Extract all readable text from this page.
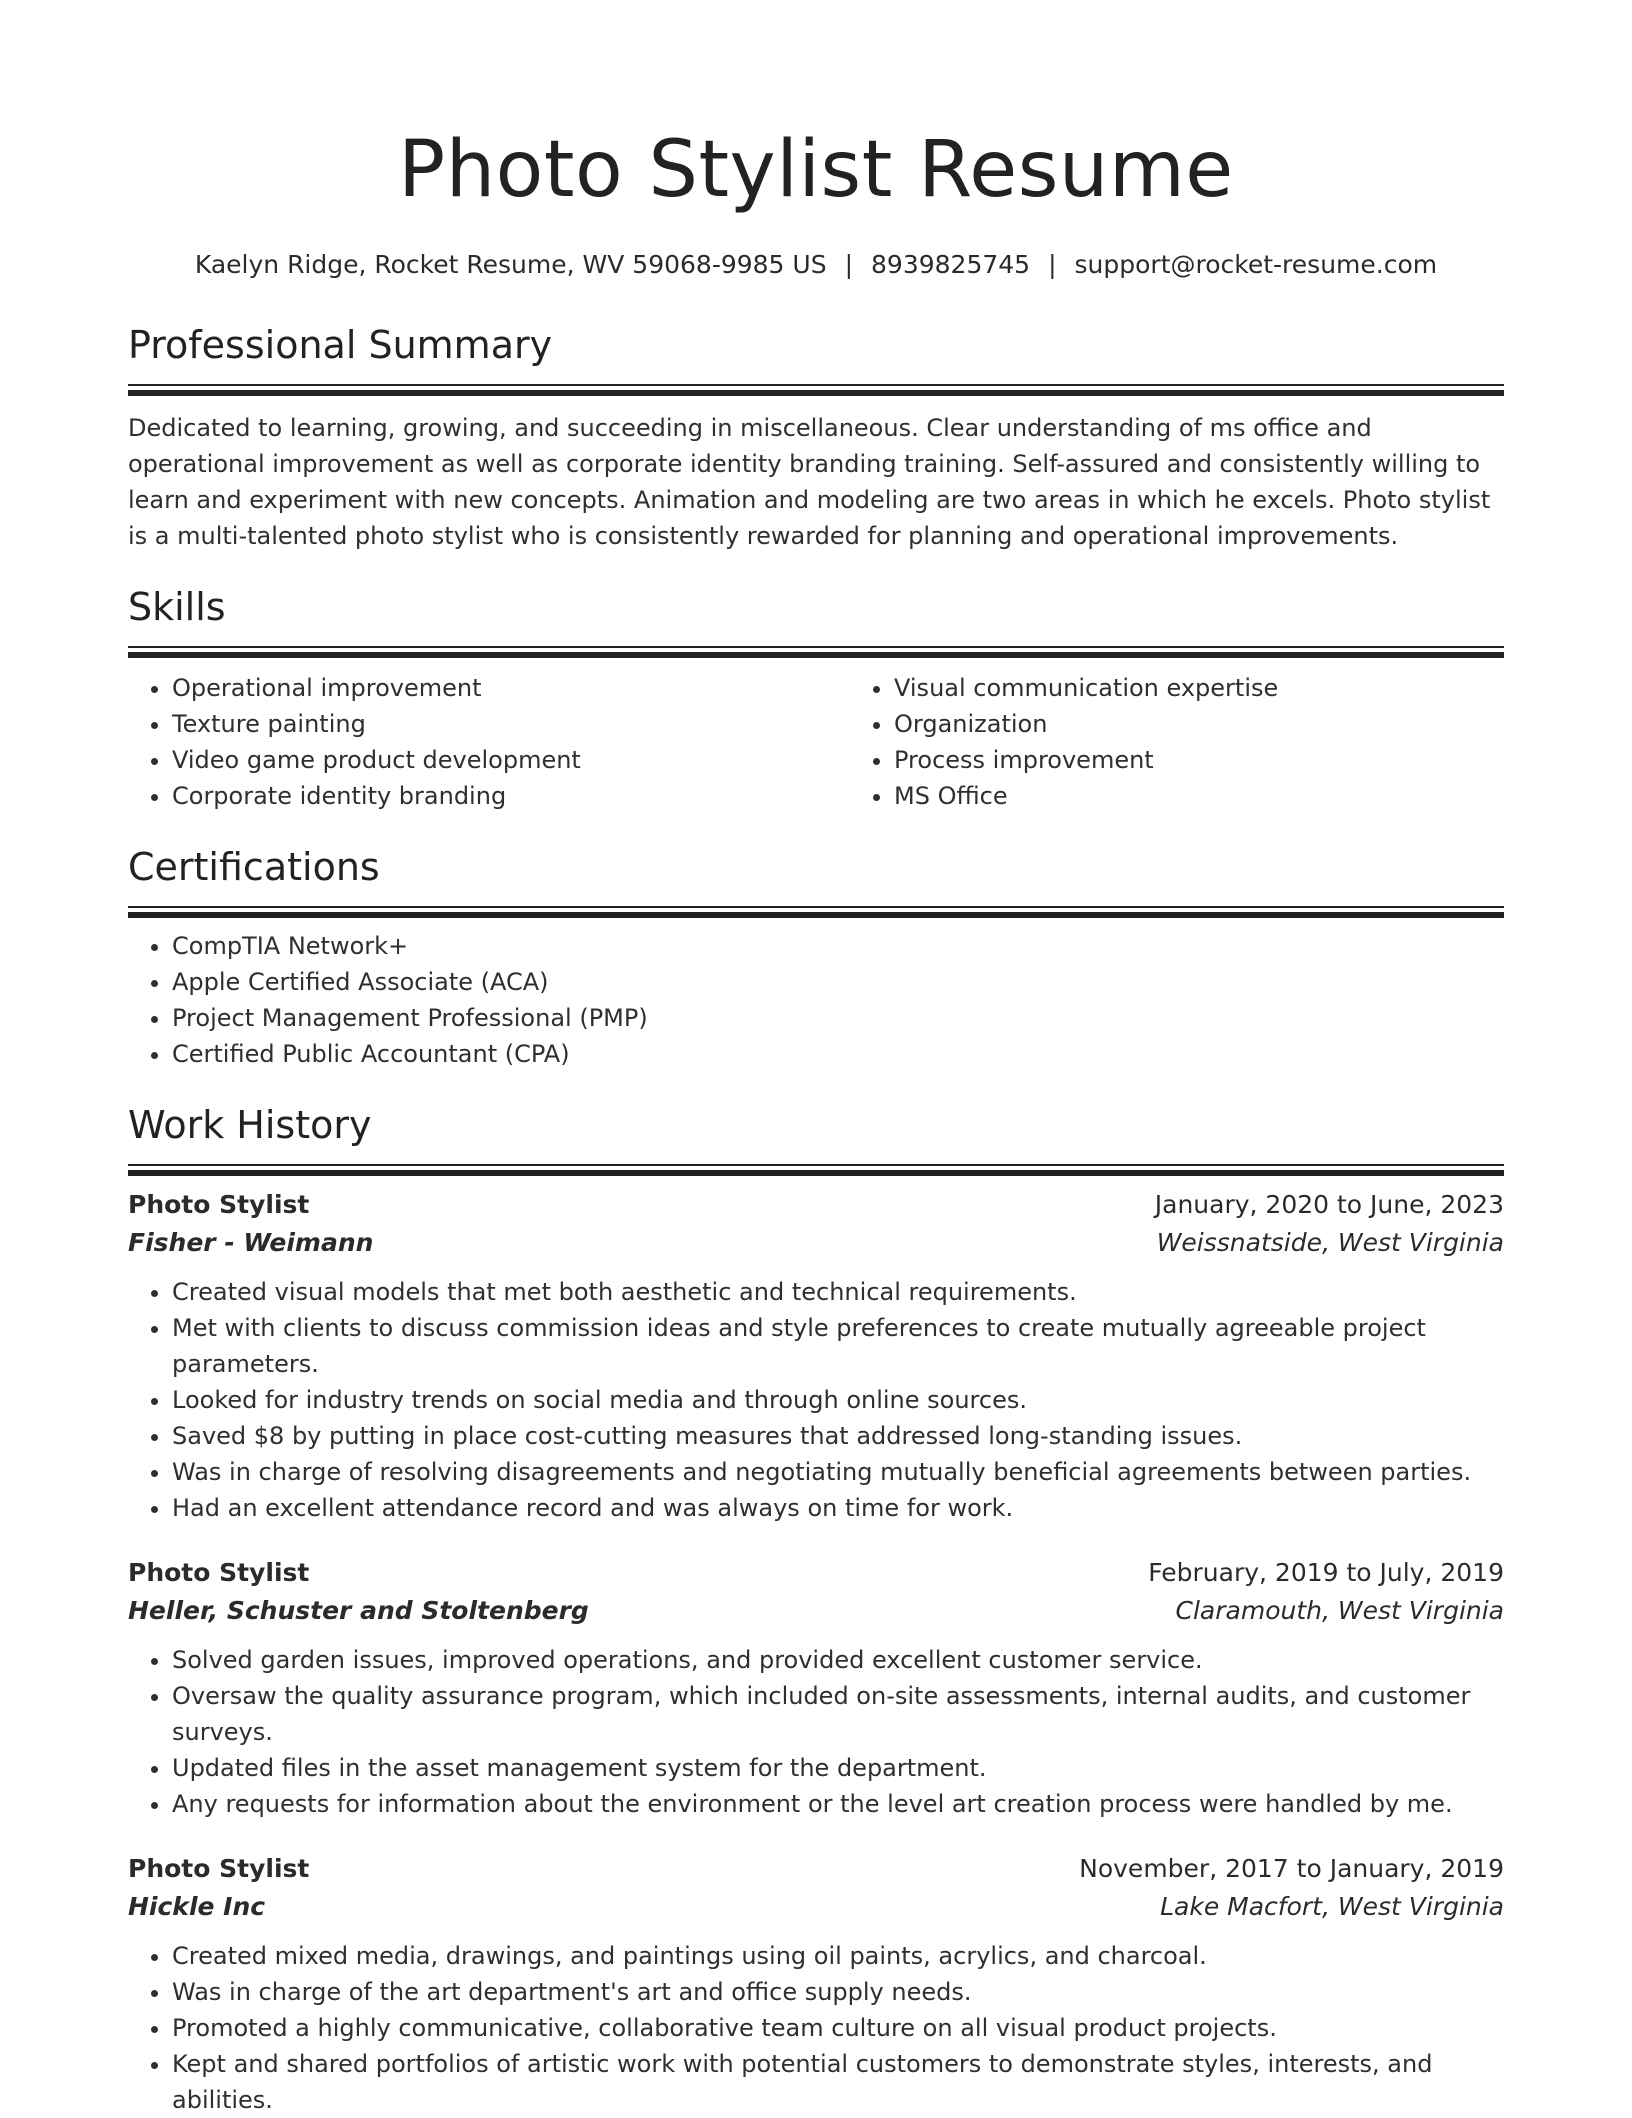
Photo Stylist Resume
Kaelyn Ridge, Rocket Resume, WV 59068-9985 US | 8939825745 | support@rocket-resume.com
Professional Summary

Dedicated to learning, growing, and succeeding in miscellaneous. Clear understanding of ms office and operational improvement as well as corporate identity branding training. Self-assured and consistently willing to learn and experiment with new concepts. Animation and modeling are two areas in which he excels. Photo stylist is a multi-talented photo stylist who is consistently rewarded for planning and operational improvements.

Skills
• Operational improvement
• Texture painting
• Video game product development
• Corporate identity branding
• Visual communication expertise
• Organization
• Process improvement
• MS Office
Certifications
• CompTIA Network+
• Apple Certified Associate (ACA)
• Project Management Professional (PMP)
• Certified Public Accountant (CPA)
Work History
Photo Stylist	January, 2020 to June, 2023
Fisher - Weimann	Weissnatside, West Virginia
• Created visual models that met both aesthetic and technical requirements.
• Met with clients to discuss commission ideas and style preferences to create mutually agreeable project parameters.
• Looked for industry trends on social media and through online sources.
• Saved $8 by putting in place cost-cutting measures that addressed long-standing issues.
• Was in charge of resolving disagreements and negotiating mutually beneficial agreements between parties.
• Had an excellent attendance record and was always on time for work.
Photo Stylist	February, 2019 to July, 2019
Heller, Schuster and Stoltenberg	Claramouth, West Virginia
• Solved garden issues, improved operations, and provided excellent customer service.
• Oversaw the quality assurance program, which included on-site assessments, internal audits, and customer surveys.
• Updated files in the asset management system for the department.
• Any requests for information about the environment or the level art creation process were handled by me.
Photo Stylist	November, 2017 to January, 2019
Hickle Inc	Lake Macfort, West Virginia
• Created mixed media, drawings, and paintings using oil paints, acrylics, and charcoal.
• Was in charge of the art department's art and office supply needs.
• Promoted a highly communicative, collaborative team culture on all visual product projects.
• Kept and shared portfolios of artistic work with potential customers to demonstrate styles, interests, and abilities.
